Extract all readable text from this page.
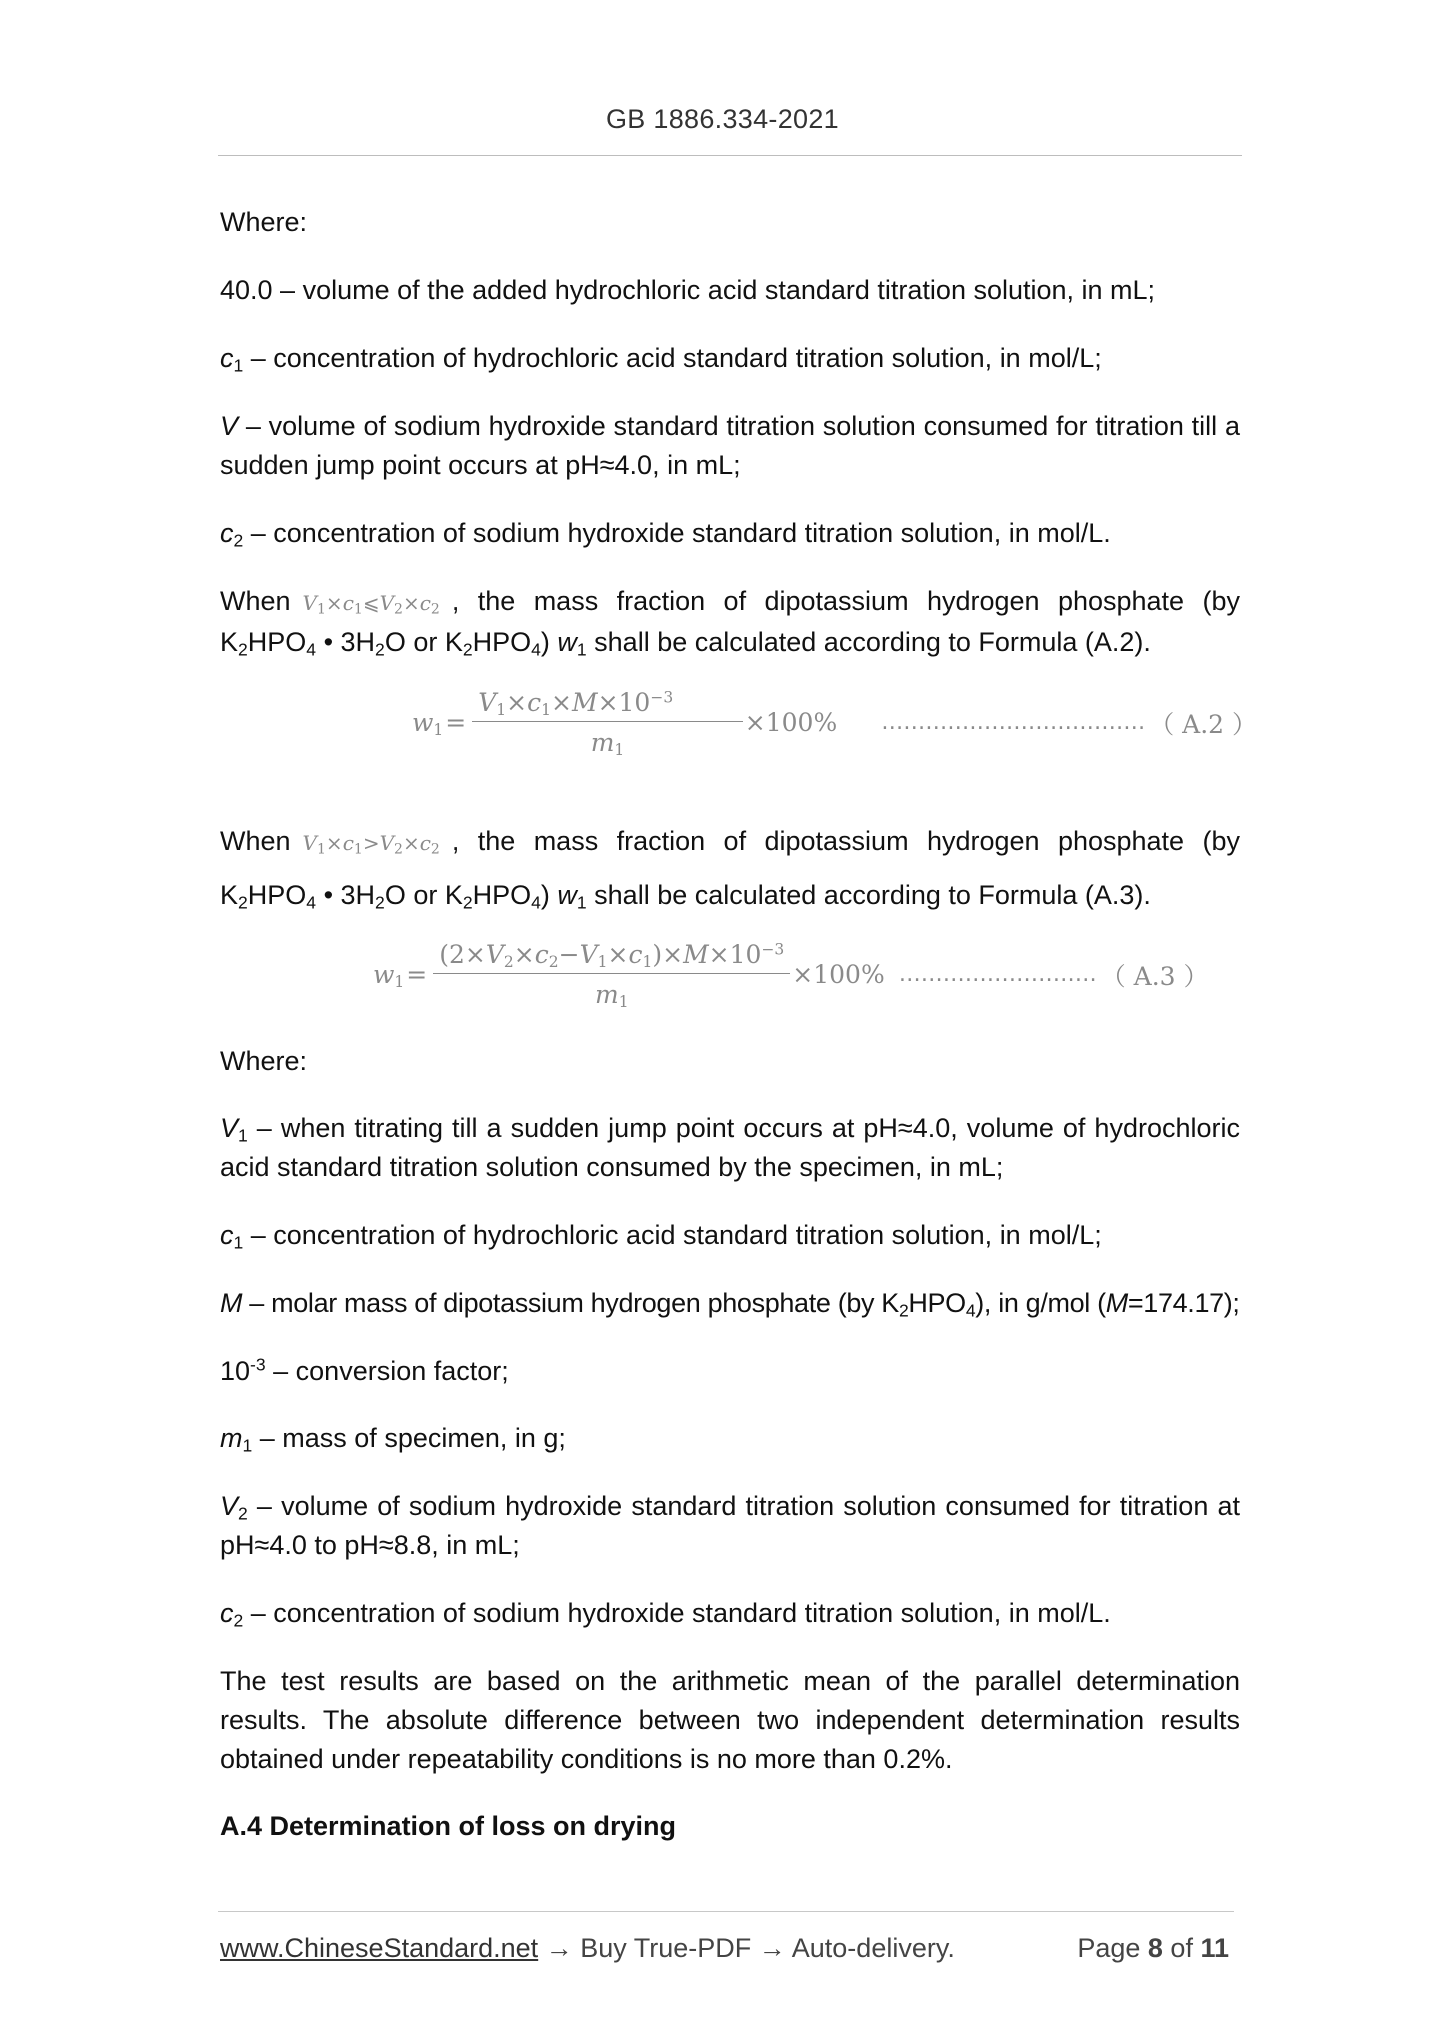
GB 1886.334-2021

Where:

40.0 – volume of the added hydrochloric acid standard titration solution, in mL;

$c_1$ – concentration of hydrochloric acid standard titration solution, in mol/L;

V – volume of sodium hydroxide standard titration solution consumed for titration till a sudden jump point occurs at pH≈4.0, in mL;

$c_2$ – concentration of sodium hydroxide standard titration solution, in mol/L.

When $V_1\times c_1⩽V_2\times c_2$ , the mass fraction of dipotassium hydrogen phosphate (by
$K_2HPO_4$ • $3H_2O$ or $K_2HPO_4$) $w_1$ shall be calculated according to Formula (A.2).
$w_1 = \frac{V_1\times c_1\times M\times 10^{-3}}{m_1} \times 100\%$ ……………………………… （ A.2 ）
When $V_1\times c_1>V_2\times c_2$ , the mass fraction of dipotassium hydrogen phosphate (by
$K_2HPO_4$ • $3H_2O$ or $K_2HPO_4$) $w_1$ shall be calculated according to Formula (A.3).
$w_1 = \frac{(2\times V_2\times c_2-V_1\times c_1)\times M\times 10^{-3}}{m_1} \times 100\%$ ……………………… （ A.3 ）

Where:

$V_1$ – when titrating till a sudden jump point occurs at pH≈4.0, volume of hydrochloric acid standard titration solution consumed by the specimen, in mL;

$c_1$ – concentration of hydrochloric acid standard titration solution, in mol/L;

M – molar mass of dipotassium hydrogen phosphate (by $K_2HPO_4$), in g/mol (M=174.17);

$10^{-3}$ – conversion factor;

$m_1$ – mass of specimen, in g;

$V_2$ – volume of sodium hydroxide standard titration solution consumed for titration at pH≈4.0 to pH≈8.8, in mL;

$c_2$ – concentration of sodium hydroxide standard titration solution, in mol/L.

The test results are based on the arithmetic mean of the parallel determination results. The absolute difference between two independent determination results obtained under repeatability conditions is no more than 0.2%.

A.4 Determination of loss on drying

www.ChineseStandard.net → Buy True-PDF → Auto-delivery.	Page 8 of 11
